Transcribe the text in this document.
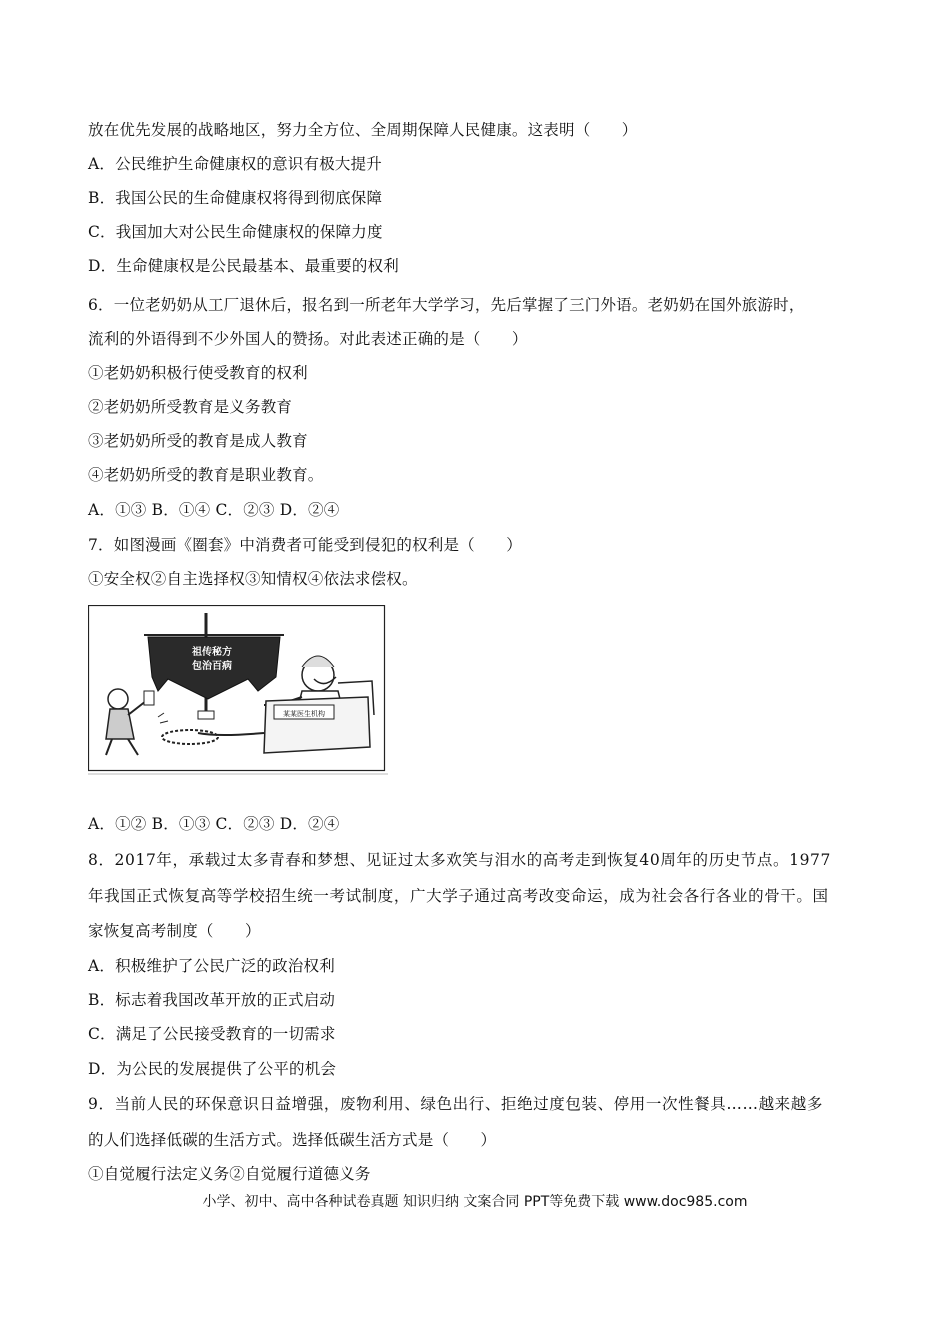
放在优先发展的战略地区，努力全方位、全周期保障人民健康。这表明（　　）
A．公民维护生命健康权的意识有极大提升
B．我国公民的生命健康权将得到彻底保障
C．我国加大对公民生命健康权的保障力度
D．生命健康权是公民最基本、最重要的权利
6．一位老奶奶从工厂退休后，报名到一所老年大学学习，先后掌握了三门外语。老奶奶在国外旅游时，
流利的外语得到不少外国人的赞扬。对此表述正确的是（　　）
①老奶奶积极行使受教育的权利
②老奶奶所受教育是义务教育
③老奶奶所受的教育是成人教育
④老奶奶所受的教育是职业教育。
A．①③ B．①④ C．②③ D．②④
7．如图漫画《圈套》中消费者可能受到侵犯的权利是（　　）
①安全权②自主选择权③知情权④依法求偿权。
祖传秘方
包治百病
某某医生机构
A．①② B．①③ C．②③ D．②④
8．2017年，承载过太多青春和梦想、见证过太多欢笑与泪水的高考走到恢复40周年的历史节点。1977
年我国正式恢复高等学校招生统一考试制度，广大学子通过高考改变命运，成为社会各行各业的骨干。国
家恢复高考制度（　　）
A．积极维护了公民广泛的政治权利
B．标志着我国改革开放的正式启动
C．满足了公民接受教育的一切需求
D．为公民的发展提供了公平的机会
9．当前人民的环保意识日益增强，废物利用、绿色出行、拒绝过度包装、停用一次性餐具……越来越多
的人们选择低碳的生活方式。选择低碳生活方式是（　　）
①自觉履行法定义务②自觉履行道德义务
小学、初中、高中各种试卷真题 知识归纳 文案合同 PPT等免费下载 www.doc985.com
